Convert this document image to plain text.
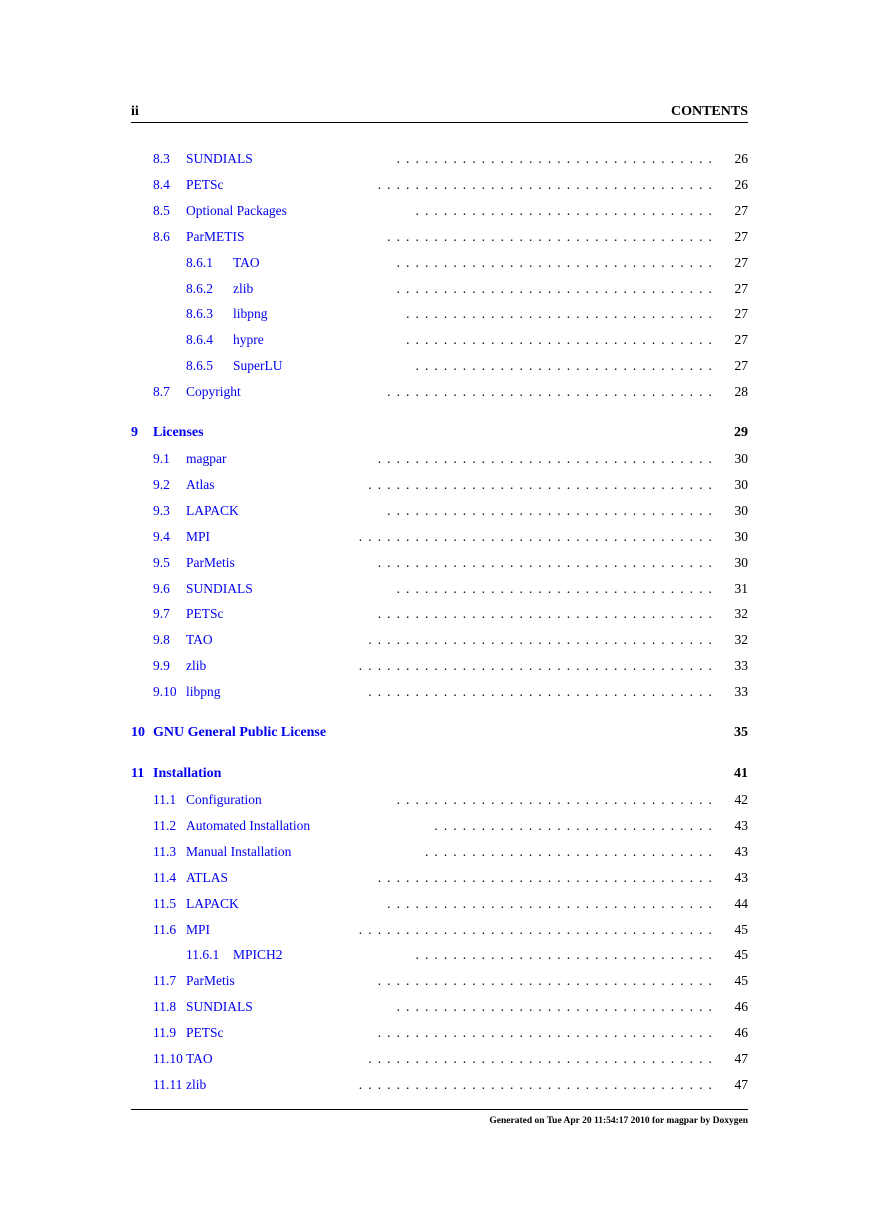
ii	CONTENTS
8.3 SUNDIALS	.  .  .  .  .  .  .  .  .  .  .  .  .  .  .  .  .  .  .  .  .  .  .  .  .  .  .  .  .  .  .  .  .  .   26
8.4 PETSc	.  .  .  .  .  .  .  .  .  .  .  .  .  .  .  .  .  .  .  .  .  .  .  .  .  .  .  .  .  .  .  .  .  .  .  .   26
8.5 Optional Packages	.  .  .  .  .  .  .  .  .  .  .  .  .  .  .  .  .  .  .  .  .  .  .  .  .  .  .  .  .  .  .  .   27
8.6 ParMETIS	.  .  .  .  .  .  .  .  .  .  .  .  .  .  .  .  .  .  .  .  .  .  .  .  .  .  .  .  .  .  .  .  .  .  .   27
8.6.1 TAO	.  .  .  .  .  .  .  .  .  .  .  .  .  .  .  .  .  .  .  .  .  .  .  .  .  .  .  .  .  .  .  .  .  .   27
8.6.2 zlib	.  .  .  .  .  .  .  .  .  .  .  .  .  .  .  .  .  .  .  .  .  .  .  .  .  .  .  .  .  .  .  .  .  .   27
8.6.3 libpng	.  .  .  .  .  .  .  .  .  .  .  .  .  .  .  .  .  .  .  .  .  .  .  .  .  .  .  .  .  .  .  .  .   27
8.6.4 hypre	.  .  .  .  .  .  .  .  .  .  .  .  .  .  .  .  .  .  .  .  .  .  .  .  .  .  .  .  .  .  .  .  .   27
8.6.5 SuperLU	.  .  .  .  .  .  .  .  .  .  .  .  .  .  .  .  .  .  .  .  .  .  .  .  .  .  .  .  .  .  .  .   27
8.7 Copyright	.  .  .  .  .  .  .  .  .  .  .  .  .  .  .  .  .  .  .  .  .  .  .  .  .  .  .  .  .  .  .  .  .  .  .   28
9 Licenses	29
9.1 magpar	.  .  .  .  .  .  .  .  .  .  .  .  .  .  .  .  .  .  .  .  .  .  .  .  .  .  .  .  .  .  .  .  .  .  .  .   30
9.2 Atlas	.  .  .  .  .  .  .  .  .  .  .  .  .  .  .  .  .  .  .  .  .  .  .  .  .  .  .  .  .  .  .  .  .  .  .  .  .   30
9.3 LAPACK	.  .  .  .  .  .  .  .  .  .  .  .  .  .  .  .  .  .  .  .  .  .  .  .  .  .  .  .  .  .  .  .  .  .  .   30
9.4 MPI	.  .  .  .  .  .  .  .  .  .  .  .  .  .  .  .  .  .  .  .  .  .  .  .  .  .  .  .  .  .  .  .  .  .  .  .  .  .   30
9.5 ParMetis	.  .  .  .  .  .  .  .  .  .  .  .  .  .  .  .  .  .  .  .  .  .  .  .  .  .  .  .  .  .  .  .  .  .  .  .   30
9.6 SUNDIALS	.  .  .  .  .  .  .  .  .  .  .  .  .  .  .  .  .  .  .  .  .  .  .  .  .  .  .  .  .  .  .  .  .  .   31
9.7 PETSc	.  .  .  .  .  .  .  .  .  .  .  .  .  .  .  .  .  .  .  .  .  .  .  .  .  .  .  .  .  .  .  .  .  .  .  .   32
9.8 TAO	.  .  .  .  .  .  .  .  .  .  .  .  .  .  .  .  .  .  .  .  .  .  .  .  .  .  .  .  .  .  .  .  .  .  .  .  .   32
9.9 zlib	.  .  .  .  .  .  .  .  .  .  .  .  .  .  .  .  .  .  .  .  .  .  .  .  .  .  .  .  .  .  .  .  .  .  .  .  .  .   33
9.10 libpng	.  .  .  .  .  .  .  .  .  .  .  .  .  .  .  .  .  .  .  .  .  .  .  .  .  .  .  .  .  .  .  .  .  .  .  .  .   33
10 GNU General Public License	35
11 Installation	41
11.1 Configuration	.  .  .  .  .  .  .  .  .  .  .  .  .  .  .  .  .  .  .  .  .  .  .  .  .  .  .  .  .  .  .  .  .  .   42
11.2 Automated Installation	.  .  .  .  .  .  .  .  .  .  .  .  .  .  .  .  .  .  .  .  .  .  .  .  .  .  .  .  .  .   43
11.3 Manual Installation	.  .  .  .  .  .  .  .  .  .  .  .  .  .  .  .  .  .  .  .  .  .  .  .  .  .  .  .  .  .  .   43
11.4 ATLAS	.  .  .  .  .  .  .  .  .  .  .  .  .  .  .  .  .  .  .  .  .  .  .  .  .  .  .  .  .  .  .  .  .  .  .  .   43
11.5 LAPACK	.  .  .  .  .  .  .  .  .  .  .  .  .  .  .  .  .  .  .  .  .  .  .  .  .  .  .  .  .  .  .  .  .  .  .   44
11.6 MPI	.  .  .  .  .  .  .  .  .  .  .  .  .  .  .  .  .  .  .  .  .  .  .  .  .  .  .  .  .  .  .  .  .  .  .  .  .  .   45
11.6.1 MPICH2	.  .  .  .  .  .  .  .  .  .  .  .  .  .  .  .  .  .  .  .  .  .  .  .  .  .  .  .  .  .  .  .   45
11.7 ParMetis	.  .  .  .  .  .  .  .  .  .  .  .  .  .  .  .  .  .  .  .  .  .  .  .  .  .  .  .  .  .  .  .  .  .  .  .   45
11.8 SUNDIALS	.  .  .  .  .  .  .  .  .  .  .  .  .  .  .  .  .  .  .  .  .  .  .  .  .  .  .  .  .  .  .  .  .  .   46
11.9 PETSc	.  .  .  .  .  .  .  .  .  .  .  .  .  .  .  .  .  .  .  .  .  .  .  .  .  .  .  .  .  .  .  .  .  .  .  .   46
11.10 TAO	.  .  .  .  .  .  .  .  .  .  .  .  .  .  .  .  .  .  .  .  .  .  .  .  .  .  .  .  .  .  .  .  .  .  .  .  .   47
11.11 zlib	.  .  .  .  .  .  .  .  .  .  .  .  .  .  .  .  .  .  .  .  .  .  .  .  .  .  .  .  .  .  .  .  .  .  .  .  .  .   47
Generated on Tue Apr 20 11:54:17 2010 for magpar by Doxygen
